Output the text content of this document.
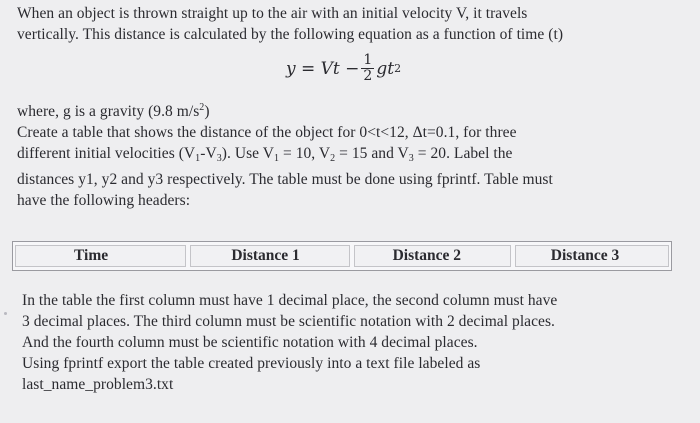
When an object is thrown straight up to the air with an initial velocity V, it travels
vertically. This distance is calculated by the following equation as a function of time (t)
$y = Vt - \frac{1}{2}$ gt 2
where, g is a gravity (9.8 $m/s^2$)
Create a table that shows the distance of the object for 0<t<12, Δt=0.1, for three
different initial velocities $(V_1-V_3)$. Use $V_1 = 10$, $V_2 = 15$ and $V_3 = 20$. Label the
distances y1, y2 and y3 respectively. The table must be done using fprintf. Table must
have the following headers:
Time	Distance 1	Distance 2	Distance 3
In the table the first column must have 1 decimal place, the second column must have
3 decimal places. The third column must be scientific notation with 2 decimal places.
And the fourth column must be scientific notation with 4 decimal places.
Using fprintf export the table created previously into a text file labeled as
last_name_problem3.txt
